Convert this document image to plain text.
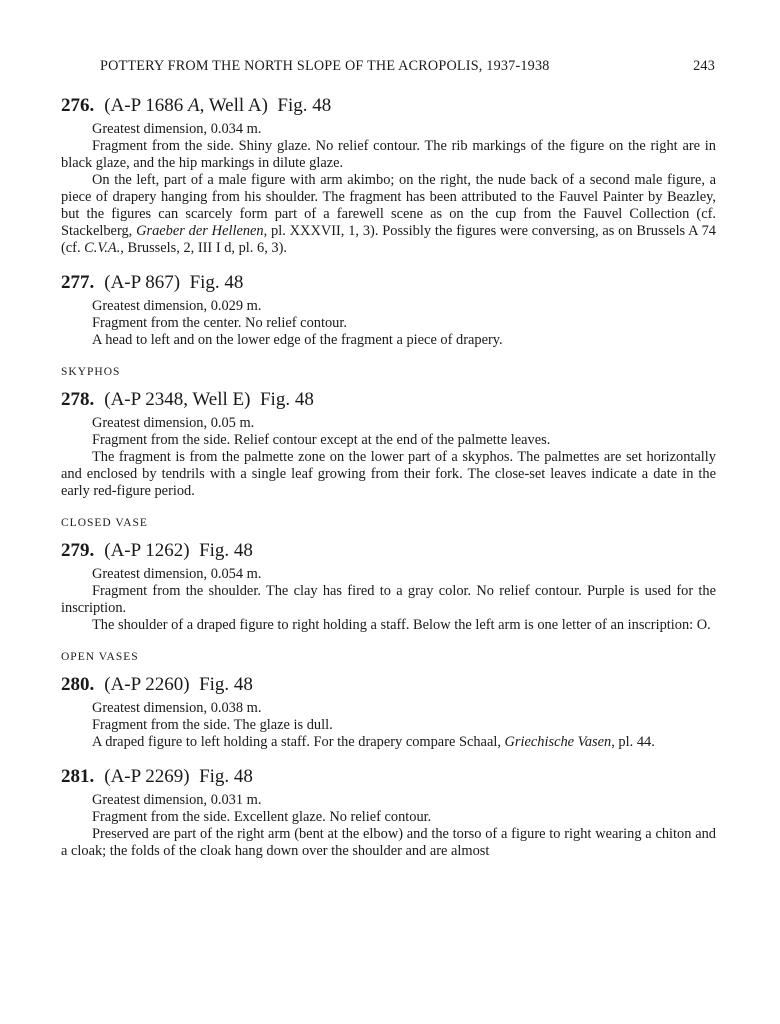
POTTERY FROM THE NORTH SLOPE OF THE ACROPOLIS, 1937-1938	243
276. (A-P 1686 A, Well A) Fig. 48

Greatest dimension, 0.034 m.

Fragment from the side. Shiny glaze. No relief contour. The rib markings of the figure on the right are in black glaze, and the hip markings in dilute glaze.

On the left, part of a male figure with arm akimbo; on the right, the nude back of a second male figure, a piece of drapery hanging from his shoulder. The fragment has been attributed to the Fauvel Painter by Beazley, but the figures can scarcely form part of a farewell scene as on the cup from the Fauvel Collection (cf. Stackelberg, Graeber der Hellenen, pl. XXXVII, 1, 3). Possibly the figures were conversing, as on Brussels A 74 (cf. C.V.A., Brussels, 2, III I d, pl. 6, 3).

277. (A-P 867) Fig. 48

Greatest dimension, 0.029 m.

Fragment from the center. No relief contour.

A head to left and on the lower edge of the fragment a piece of drapery.

SKYPHOS
278. (A-P 2348, Well E) Fig. 48

Greatest dimension, 0.05 m.

Fragment from the side. Relief contour except at the end of the palmette leaves.

The fragment is from the palmette zone on the lower part of a skyphos. The palmettes are set horizontally and enclosed by tendrils with a single leaf growing from their fork. The close-set leaves indicate a date in the early red-figure period.

CLOSED VASE
279. (A-P 1262) Fig. 48

Greatest dimension, 0.054 m.

Fragment from the shoulder. The clay has fired to a gray color. No relief contour. Purple is used for the inscription.

The shoulder of a draped figure to right holding a staff. Below the left arm is one letter of an inscription: O.

OPEN VASES
280. (A-P 2260) Fig. 48

Greatest dimension, 0.038 m.

Fragment from the side. The glaze is dull.

A draped figure to left holding a staff. For the drapery compare Schaal, Griechische Vasen, pl. 44.

281. (A-P 2269) Fig. 48

Greatest dimension, 0.031 m.

Fragment from the side. Excellent glaze. No relief contour.

Preserved are part of the right arm (bent at the elbow) and the torso of a figure to right wearing a chiton and a cloak; the folds of the cloak hang down over the shoulder and are almost
